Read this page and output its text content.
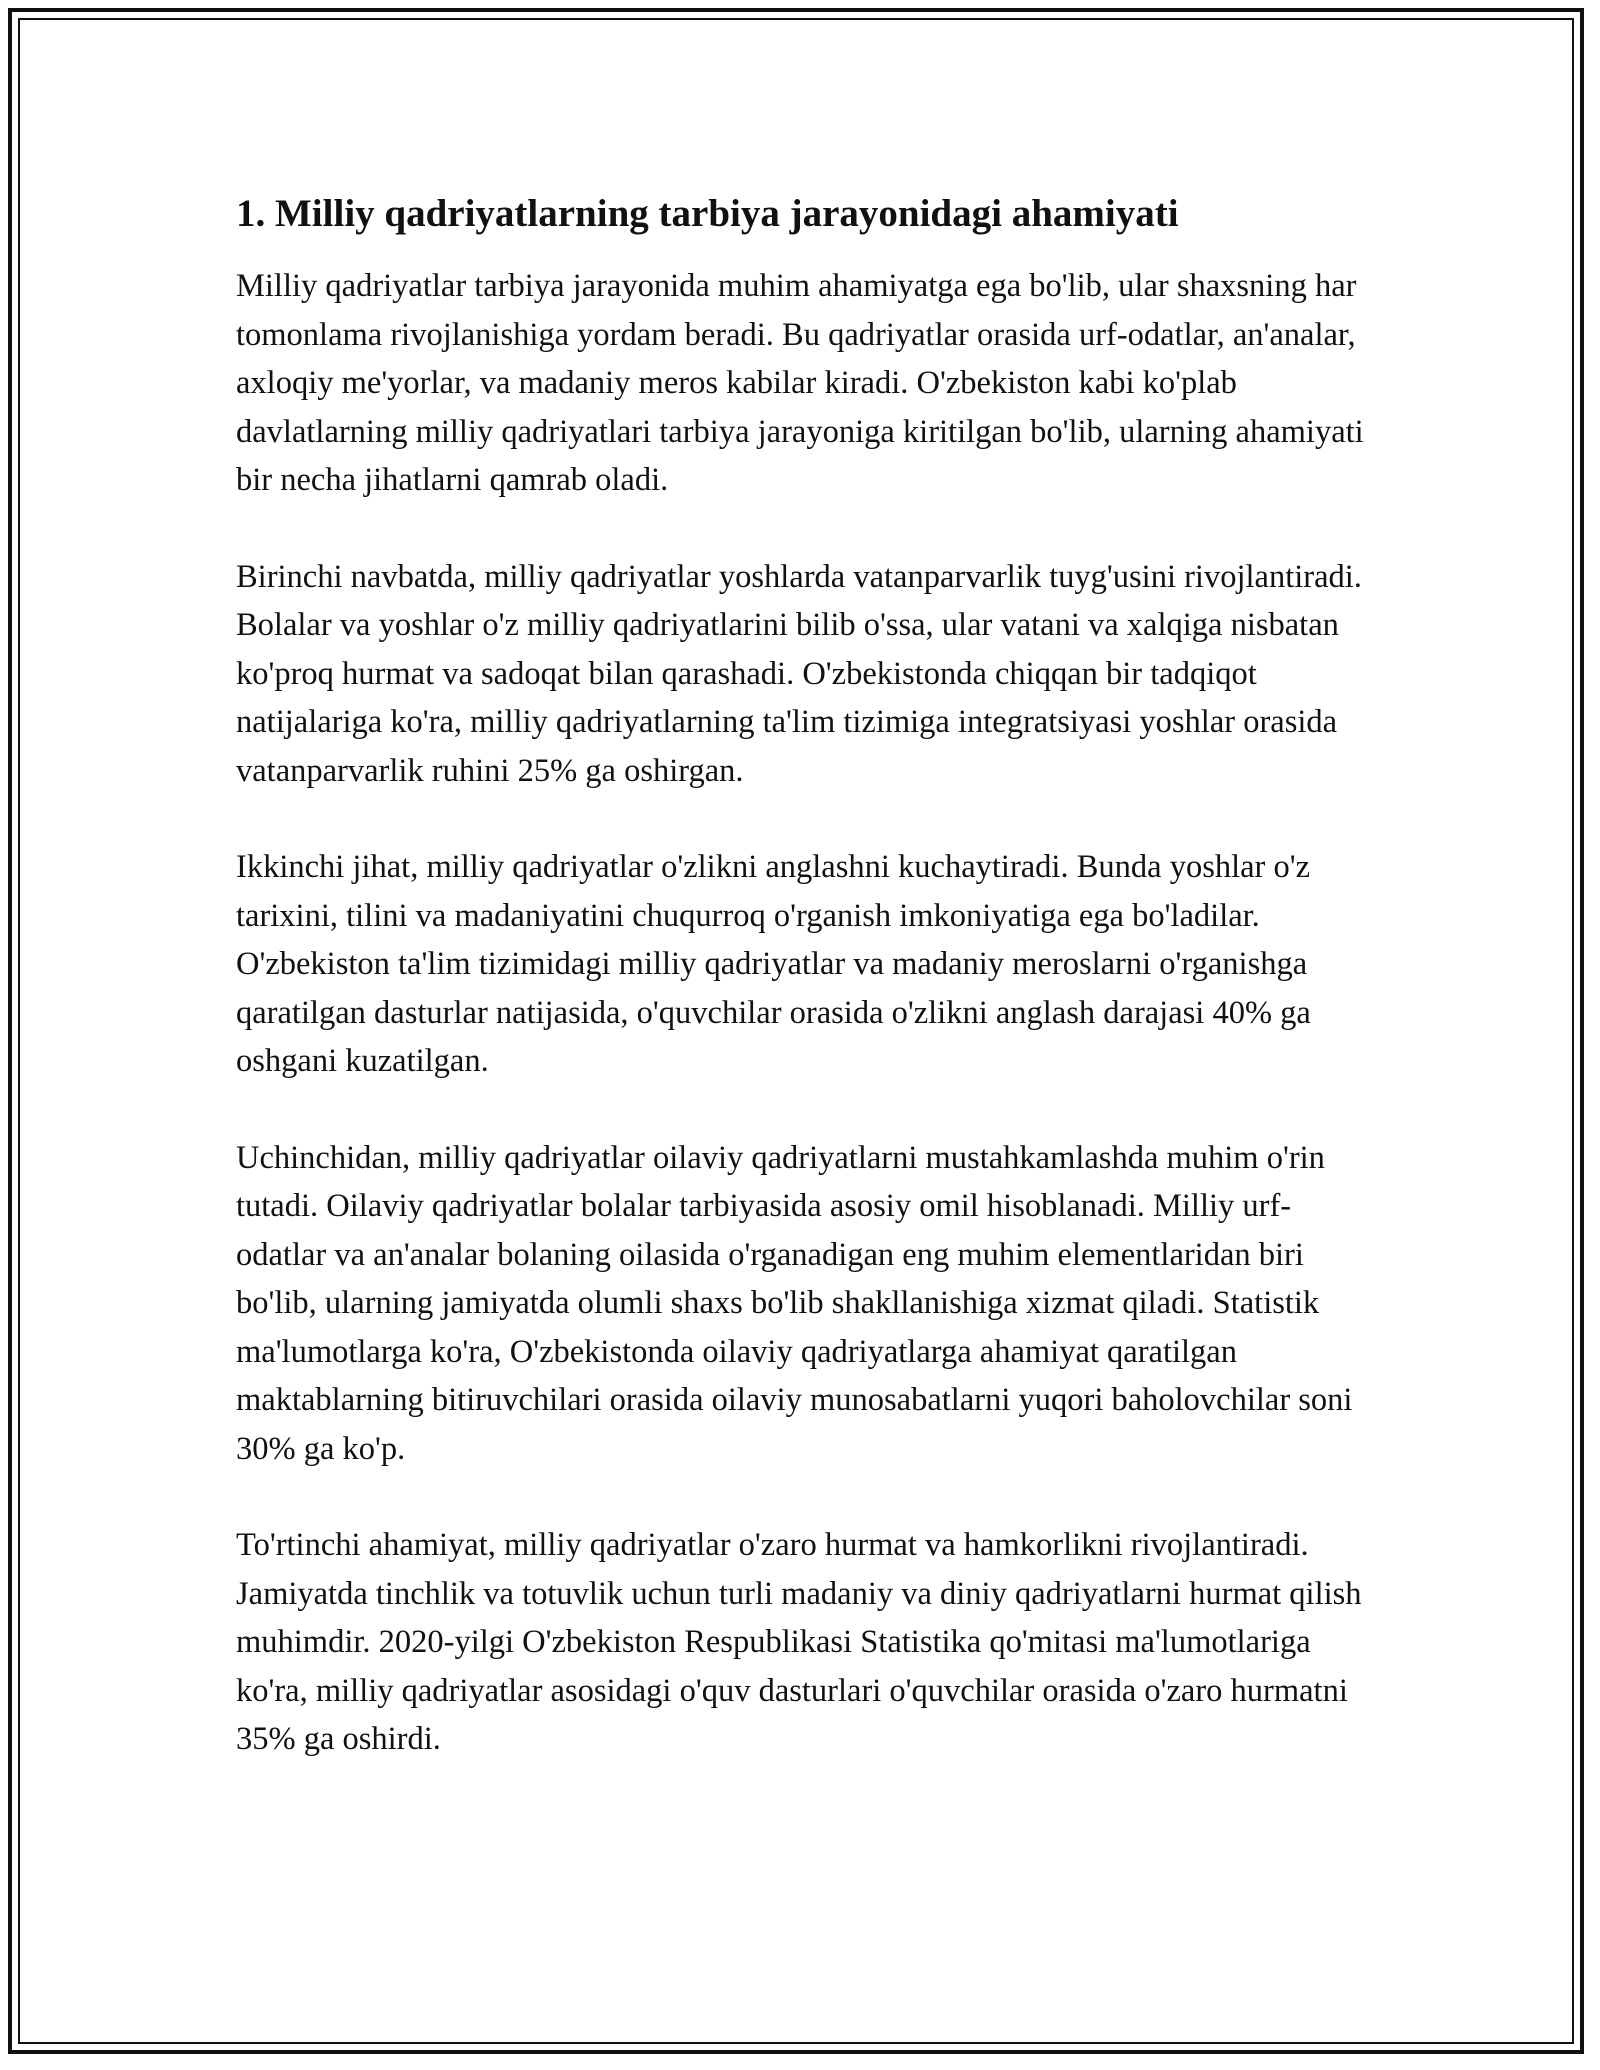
1. Milliy qadriyatlarning tarbiya jarayonidagi ahamiyati

Milliy qadriyatlar tarbiya jarayonida muhim ahamiyatga ega bo'lib, ular shaxsning har tomonlama rivojlanishiga yordam beradi. Bu qadriyatlar orasida urf-odatlar, an'analar, axloqiy me'yorlar, va madaniy meros kabilar kiradi. O'zbekiston kabi ko'plab davlatlarning milliy qadriyatlari tarbiya jarayoniga kiritilgan bo'lib, ularning ahamiyati bir necha jihatlarni qamrab oladi.

Birinchi navbatda, milliy qadriyatlar yoshlarda vatanparvarlik tuyg'usini rivojlantiradi. Bolalar va yoshlar o'z milliy qadriyatlarini bilib o'ssa, ular vatani va xalqiga nisbatan ko'proq hurmat va sadoqat bilan qarashadi. O'zbekistonda chiqqan bir tadqiqot natijalariga ko'ra, milliy qadriyatlarning ta'lim tizimiga integratsiyasi yoshlar orasida vatanparvarlik ruhini 25% ga oshirgan.

Ikkinchi jihat, milliy qadriyatlar o'zlikni anglashni kuchaytiradi. Bunda yoshlar o'z tarixini, tilini va madaniyatini chuqurroq o'rganish imkoniyatiga ega bo'ladilar. O'zbekiston ta'lim tizimidagi milliy qadriyatlar va madaniy meroslarni o'rganishga qaratilgan dasturlar natijasida, o'quvchilar orasida o'zlikni anglash darajasi 40% ga oshgani kuzatilgan.

Uchinchidan, milliy qadriyatlar oilaviy qadriyatlarni mustahkamlashda muhim o'rin tutadi. Oilaviy qadriyatlar bolalar tarbiyasida asosiy omil hisoblanadi. Milliy urf-odatlar va an'analar bolaning oilasida o'rganadigan eng muhim elementlaridan biri bo'lib, ularning jamiyatda olumli shaxs bo'lib shakllanishiga xizmat qiladi. Statistik ma'lumotlarga ko'ra, O'zbekistonda oilaviy qadriyatlarga ahamiyat qaratilgan maktablarning bitiruvchilari orasida oilaviy munosabatlarni yuqori baholovchilar soni 30% ga ko'p.

To'rtinchi ahamiyat, milliy qadriyatlar o'zaro hurmat va hamkorlikni rivojlantiradi. Jamiyatda tinchlik va totuvlik uchun turli madaniy va diniy qadriyatlarni hurmat qilish muhimdir. 2020-yilgi O'zbekiston Respublikasi Statistika qo'mitasi ma'lumotlariga ko'ra, milliy qadriyatlar asosidagi o'quv dasturlari o'quvchilar orasida o'zaro hurmatni 35% ga oshirdi.
